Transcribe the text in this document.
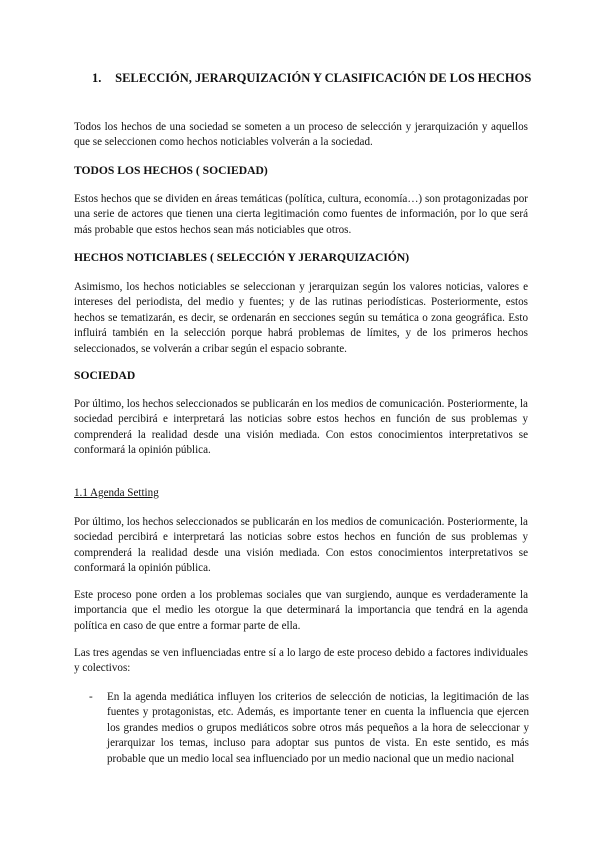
1. SELECCIÓN, JERARQUIZACIÓN Y CLASIFICACIÓN DE LOS HECHOS

Todos los hechos de una sociedad se someten a un proceso de selección y jerarquización y aquellos que se seleccionen como hechos noticiables volverán a la sociedad.

TODOS LOS HECHOS ( SOCIEDAD)

Estos hechos que se dividen en áreas temáticas (política, cultura, economía…) son protagonizadas por una serie de actores que tienen una cierta legitimación como fuentes de información, por lo que será más probable que estos hechos sean más noticiables que otros.

HECHOS NOTICIABLES ( SELECCIÓN Y JERARQUIZACIÓN)

Asimismo, los hechos noticiables se seleccionan y jerarquizan según los valores noticias, valores e intereses del periodista, del medio y fuentes; y de las rutinas periodísticas. Posteriormente, estos hechos se tematizarán, es decir, se ordenarán en secciones según su temática o zona geográfica. Esto influirá también en la selección porque habrá problemas de límites, y de los primeros hechos seleccionados, se volverán a cribar según el espacio sobrante.

SOCIEDAD

Por último, los hechos seleccionados se publicarán en los medios de comunicación. Posteriormente, la sociedad percibirá e interpretará las noticias sobre estos hechos en función de sus problemas y comprenderá la realidad desde una visión mediada. Con estos conocimientos interpretativos se conformará la opinión pública.

1.1 Agenda Setting

Por último, los hechos seleccionados se publicarán en los medios de comunicación. Posteriormente, la sociedad percibirá e interpretará las noticias sobre estos hechos en función de sus problemas y comprenderá la realidad desde una visión mediada. Con estos conocimientos interpretativos se conformará la opinión pública.

Este proceso pone orden a los problemas sociales que van surgiendo, aunque es verdaderamente la importancia que el medio les otorgue la que determinará la importancia que tendrá en la agenda política en caso de que entre a formar parte de ella.

Las tres agendas se ven influenciadas entre sí a lo largo de este proceso debido a factores individuales y colectivos:

- En la agenda mediática influyen los criterios de selección de noticias, la legitimación de las fuentes y protagonistas, etc. Además, es importante tener en cuenta la influencia que ejercen los grandes medios o grupos mediáticos sobre otros más pequeños a la hora de seleccionar y jerarquizar los temas, incluso para adoptar sus puntos de vista. En este sentido, es más probable que un medio local sea influenciado por un medio nacional que un medio nacional
